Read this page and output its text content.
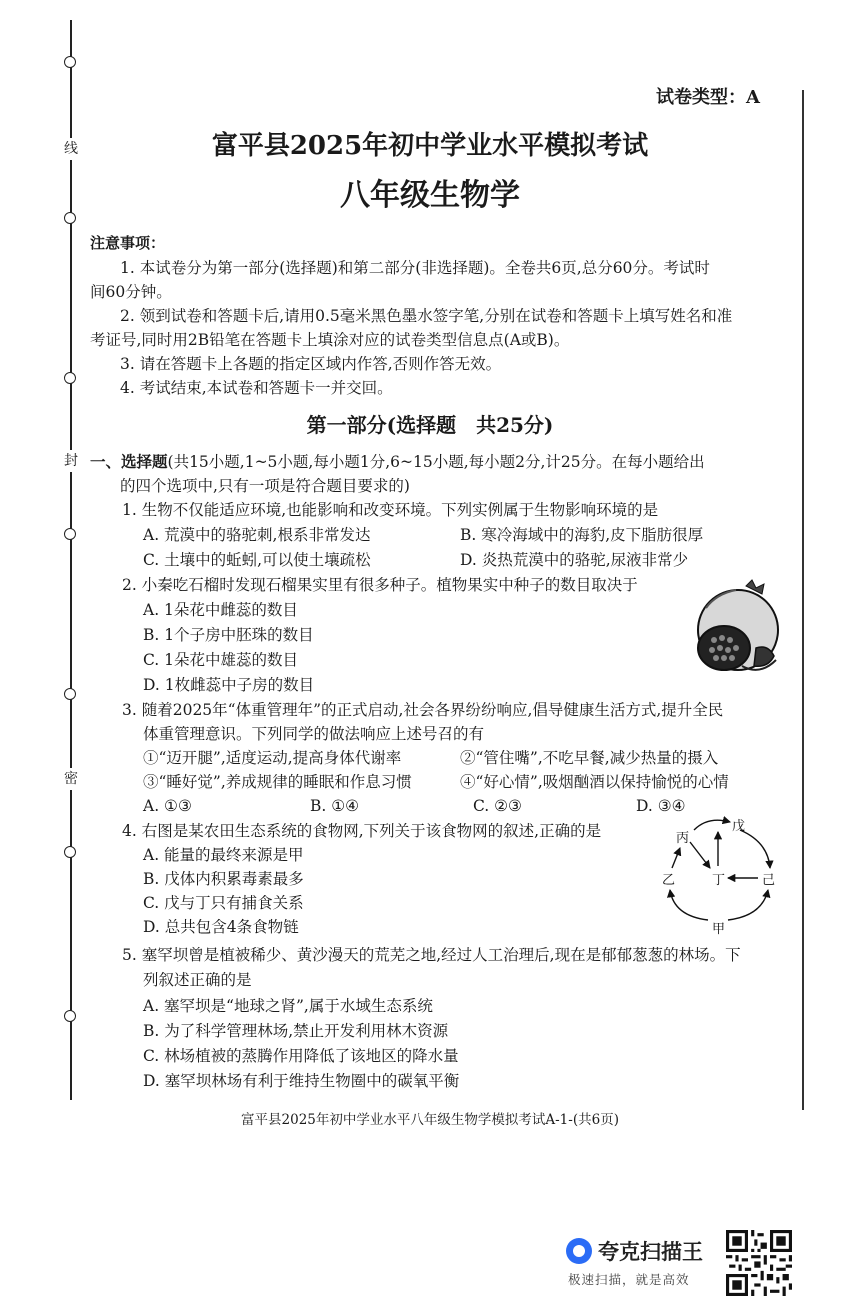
线
封
密
试卷类型：A
富平县2025年初中学业水平模拟考试
八年级生物学
注意事项：
1. 本试卷分为第一部分(选择题)和第二部分(非选择题)。全卷共6页,总分60分。考试时
间60分钟。
2. 领到试卷和答题卡后,请用0.5毫米黑色墨水签字笔,分别在试卷和答题卡上填写姓名和准
考证号,同时用2B铅笔在答题卡上填涂对应的试卷类型信息点(A或B)。
3. 请在答题卡上各题的指定区域内作答,否则作答无效。
4. 考试结束,本试卷和答题卡一并交回。
第一部分(选择题　共25分)
一、选择题(共15小题,1~5小题,每小题1分,6~15小题,每小题2分,计25分。在每小题给出
的四个选项中,只有一项是符合题目要求的)
1. 生物不仅能适应环境,也能影响和改变环境。下列实例属于生物影响环境的是
A. 荒漠中的骆驼刺,根系非常发达	B. 寒冷海域中的海豹,皮下脂肪很厚
C. 土壤中的蚯蚓,可以使土壤疏松	D. 炎热荒漠中的骆驼,尿液非常少
2. 小秦吃石榴时发现石榴果实里有很多种子。植物果实中种子的数目取决于
A. 1朵花中雌蕊的数目
B. 1个子房中胚珠的数目
C. 1朵花中雄蕊的数目
D. 1枚雌蕊中子房的数目
3. 随着2025年“体重管理年”的正式启动,社会各界纷纷响应,倡导健康生活方式,提升全民
体重管理意识。下列同学的做法响应上述号召的有
①“迈开腿”,适度运动,提高身体代谢率	②“管住嘴”,不吃早餐,减少热量的摄入
③“睡好觉”,养成规律的睡眠和作息习惯	④“好心情”,吸烟酗酒以保持愉悦的心情
A. ①③	B. ①④	C. ②③	D. ③④
4. 右图是某农田生态系统的食物网,下列关于该食物网的叙述,正确的是
A. 能量的最终来源是甲
B. 戊体内积累毒素最多
C. 戊与丁只有捕食关系
D. 总共包含4条食物链	甲
乙
丙
丁
戊
己
5. 塞罕坝曾是植被稀少、黄沙漫天的荒芜之地,经过人工治理后,现在是郁郁葱葱的林场。下
列叙述正确的是
A. 塞罕坝是“地球之肾”,属于水域生态系统
B. 为了科学管理林场,禁止开发利用林木资源
C. 林场植被的蒸腾作用降低了该地区的降水量
D. 塞罕坝林场有利于维持生物圈中的碳氧平衡
富平县2025年初中学业水平八年级生物学模拟考试A-1-(共6页)
夸克扫描王
极速扫描，就是高效
